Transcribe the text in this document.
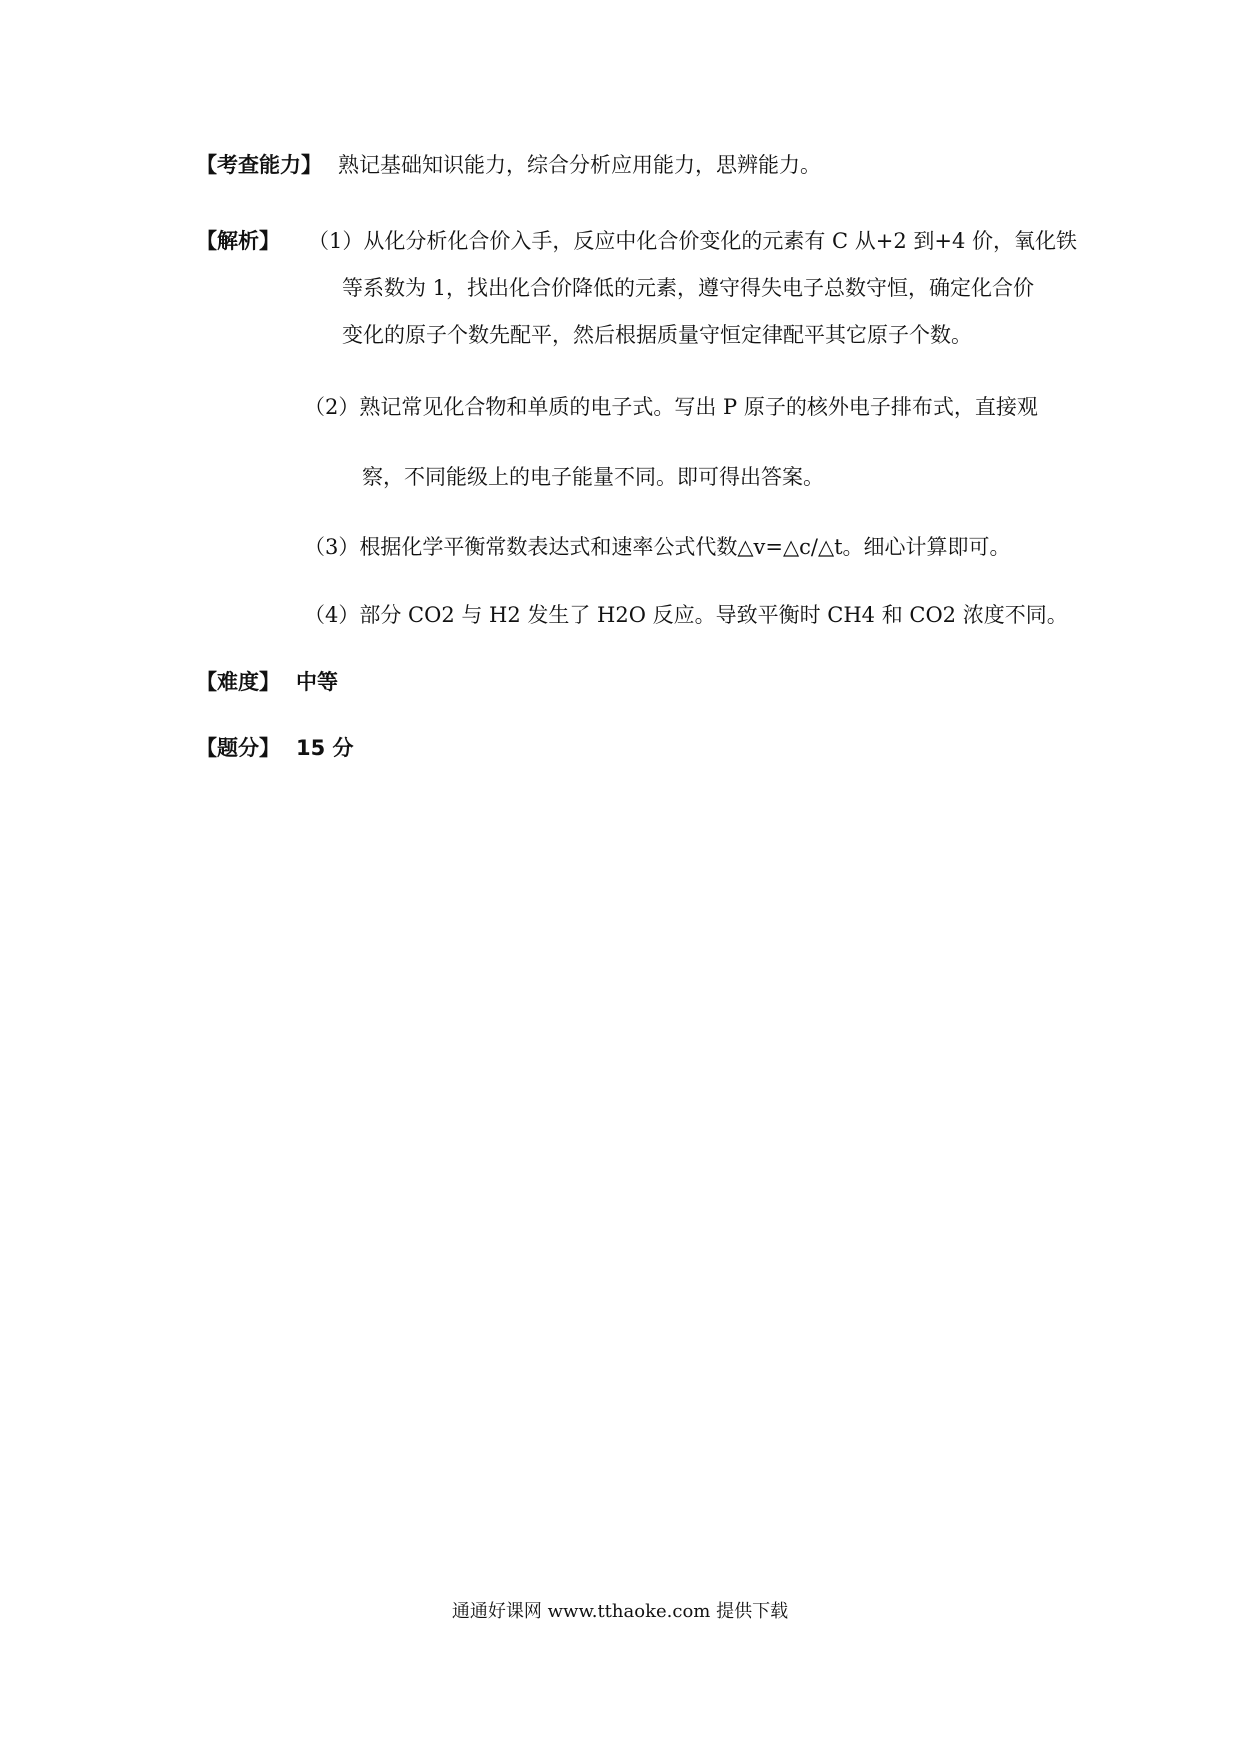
【考查能力】 熟记基础知识能力，综合分析应用能力，思辨能力。
【解析】 （1）从化分析化合价入手，反应中化合价变化的元素有 C 从+2 到+4 价，氧化铁
等系数为 1，找出化合价降低的元素，遵守得失电子总数守恒，确定化合价
变化的原子个数先配平，然后根据质量守恒定律配平其它原子个数。
（2）熟记常见化合物和单质的电子式。写出 P 原子的核外电子排布式，直接观
察，不同能级上的电子能量不同。即可得出答案。
（3）根据化学平衡常数表达式和速率公式代数△v=△c/△t。细心计算即可。
（4）部分 CO2 与 H2 发生了 H2O 反应。导致平衡时 CH4 和 CO2 浓度不同。
【难度】 中等
【题分】 15 分
通通好课网 www.tthaoke.com 提供下载
